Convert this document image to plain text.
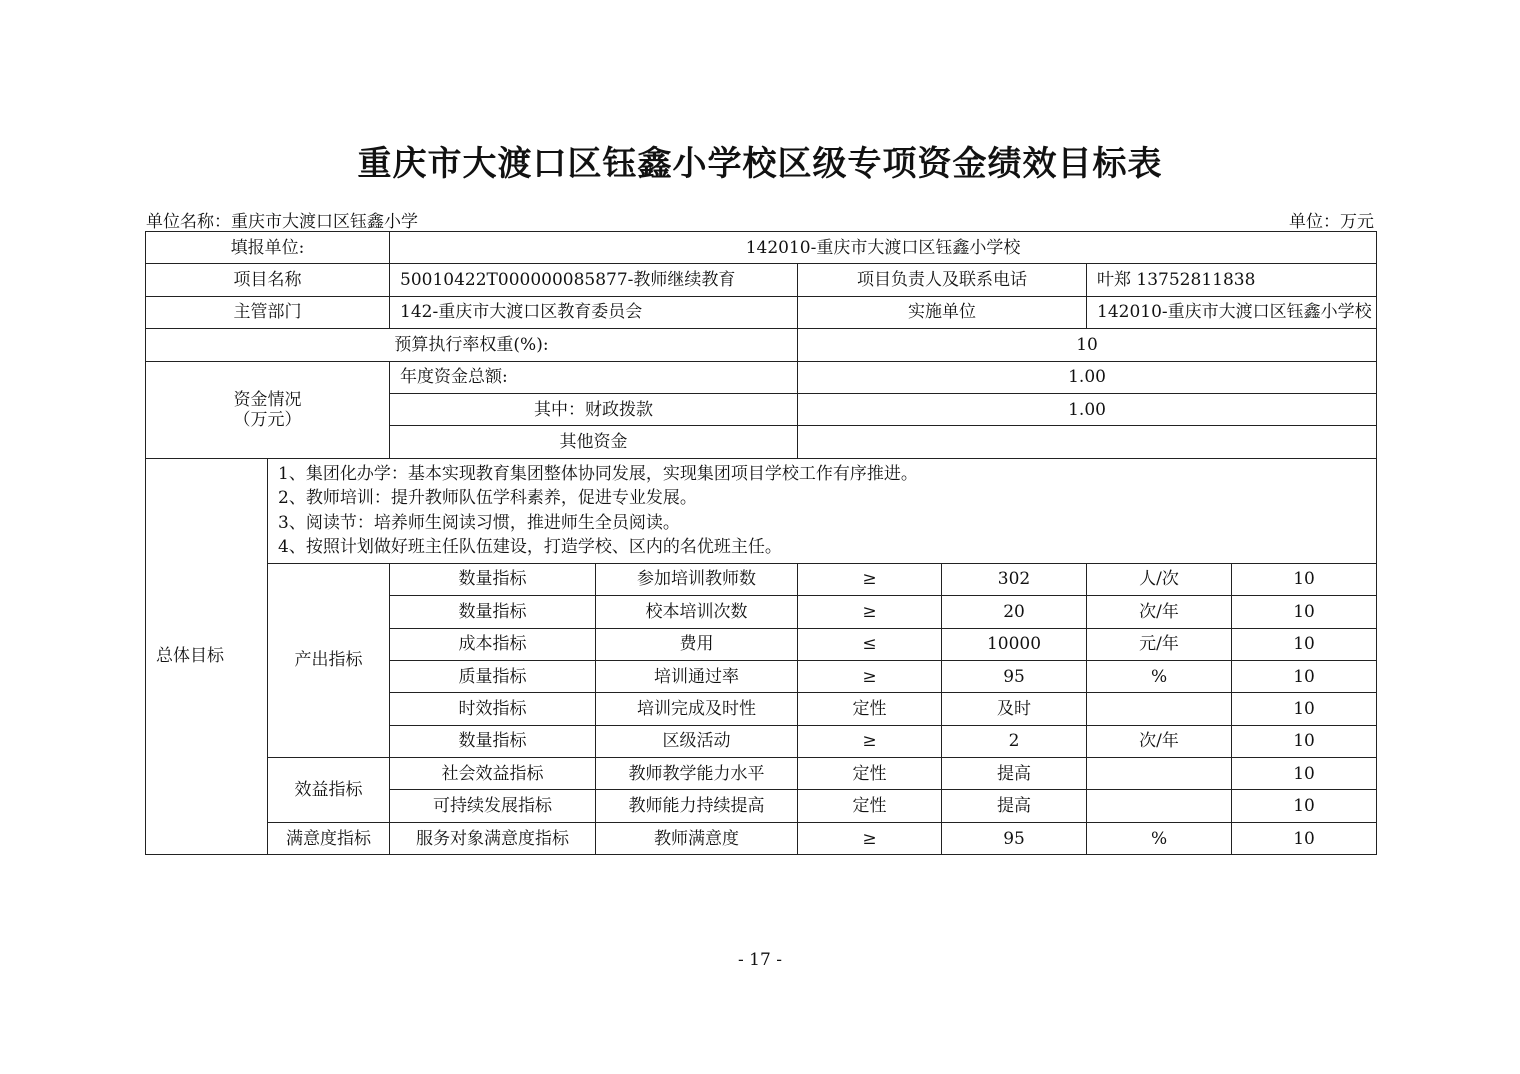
重庆市大渡口区钰鑫小学校区级专项资金绩效目标表
单位名称：重庆市大渡口区钰鑫小学	单位：万元
填报单位:		142010-重庆市大渡口区钰鑫小学校					
项目名称		50010422T000000085877-教师继续教育		项目负责人及联系电话		叶郑 13752811838	
主管部门		142-重庆市大渡口区教育委员会		实施单位		142010-重庆市大渡口区钰鑫小学校	
预算执行率权重(%):				10			

资金情况
（万元）		年度资金总额:		1.00			
		其中：财政拨款		1.00			
		其他资金					
总体目标	1、集团化办学：基本实现教育集团整体协同发展，实现集团项目学校工作有序推进。
2、教师培训：提升教师队伍学科素养，促进专业发展。
3、阅读节：培养师生阅读习惯，推进师生全员阅读。
4、按照计划做好班主任队伍建设，打造学校、区内的名优班主任。						

	产出指标	数量指标	参加培训教师数	≥	302	人/次	10
		数量指标	校本培训次数	≥	20	次/年	10
		成本指标	费用	≤	10000	元/年	10
		质量指标	培训通过率	≥	95	%	10
		时效指标	培训完成及时性	定性	及时		10
		数量指标	区级活动	≥	2	次/年	10
	效益指标	社会效益指标	教师教学能力水平	定性	提高		10
		可持续发展指标	教师能力持续提高	定性	提高		10
	满意度指标	服务对象满意度指标	教师满意度	≥	95	%	10
- 17 -
